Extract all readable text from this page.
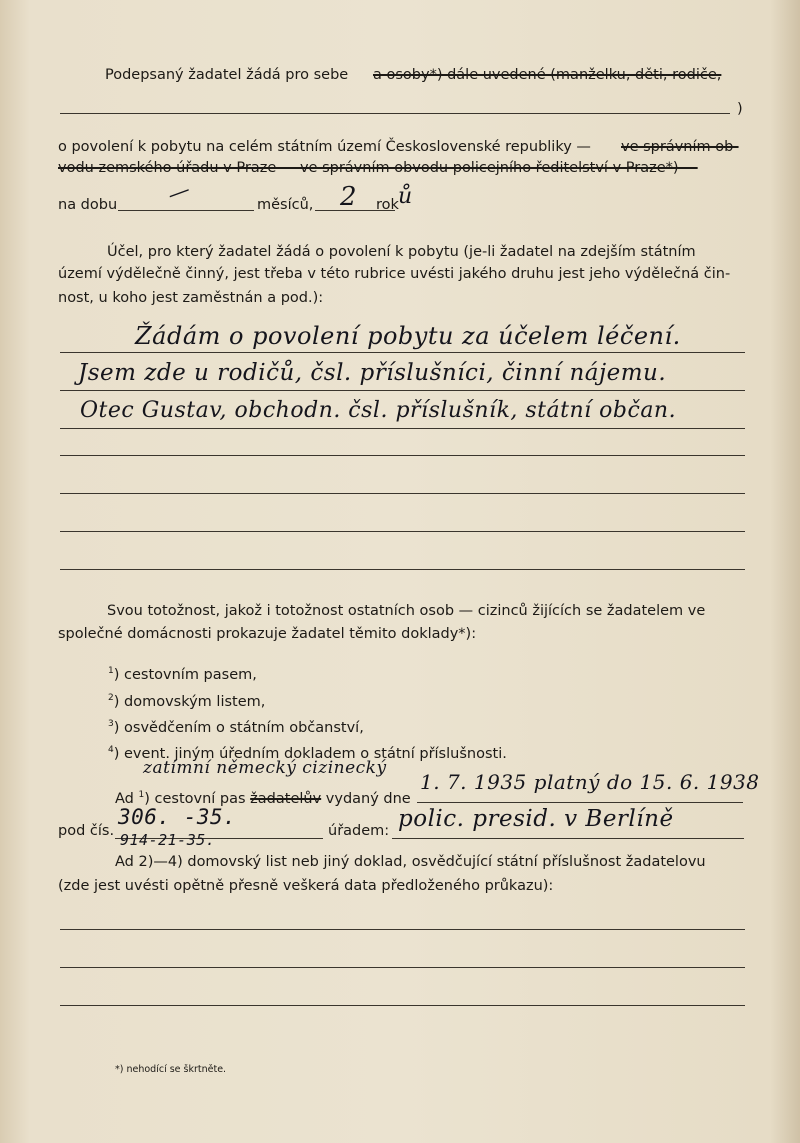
Podepsaný žadatel žádá pro sebe a osoby*) dále uvedené (manželku, děti, rodiče,
)
o povolení k pobytu na celém státním území Československé republiky — ve správním ob-
vodu zemského úřadu v Praze — ve správním obvodu policejního ředitelství v Praze*) —
na dobu —	měsíců, 2 rok ů
Účel, pro který žadatel žádá o povolení k pobytu (je-li žadatel na zdejším státním
území výdělečně činný, jest třeba v této rubrice uvésti jakého druhu jest jeho výdělečná čin-
nost, u koho jest zaměstnán a pod.):
Žádám o povolení pobytu za účelem léčení.
Jsem zde u rodičů, čsl. příslušníci, činní nájemu.
Otec Gustav, obchodn. čsl. příslušník, státní občan.
Svou totožnost, jakož i totožnost ostatních osob — cizinců žijících se žadatelem ve
společné domácnosti prokazuje žadatel těmito doklady*):
$^1$) cestovním pasem,
$^2$) domovským listem,
$^3$) osvědčením o státním občanství,
$^4$) event. jiným úředním dokladem o státní příslušnosti.
zatímní německý cizinecký
Ad $^1$) cestovní pas žadatelův vydaný dne
1. 7. 1935 platný do 15. 6. 1938
pod čís.
306. -35.
914-21-35.	úřadem: polic. presid. v Berlíně
Ad 2)—4) domovský list neb jiný doklad, osvědčující státní příslušnost žadatelovu
(zde jest uvésti opětně přesně veškerá data předloženého průkazu):
*) nehodící se škrtněte.
